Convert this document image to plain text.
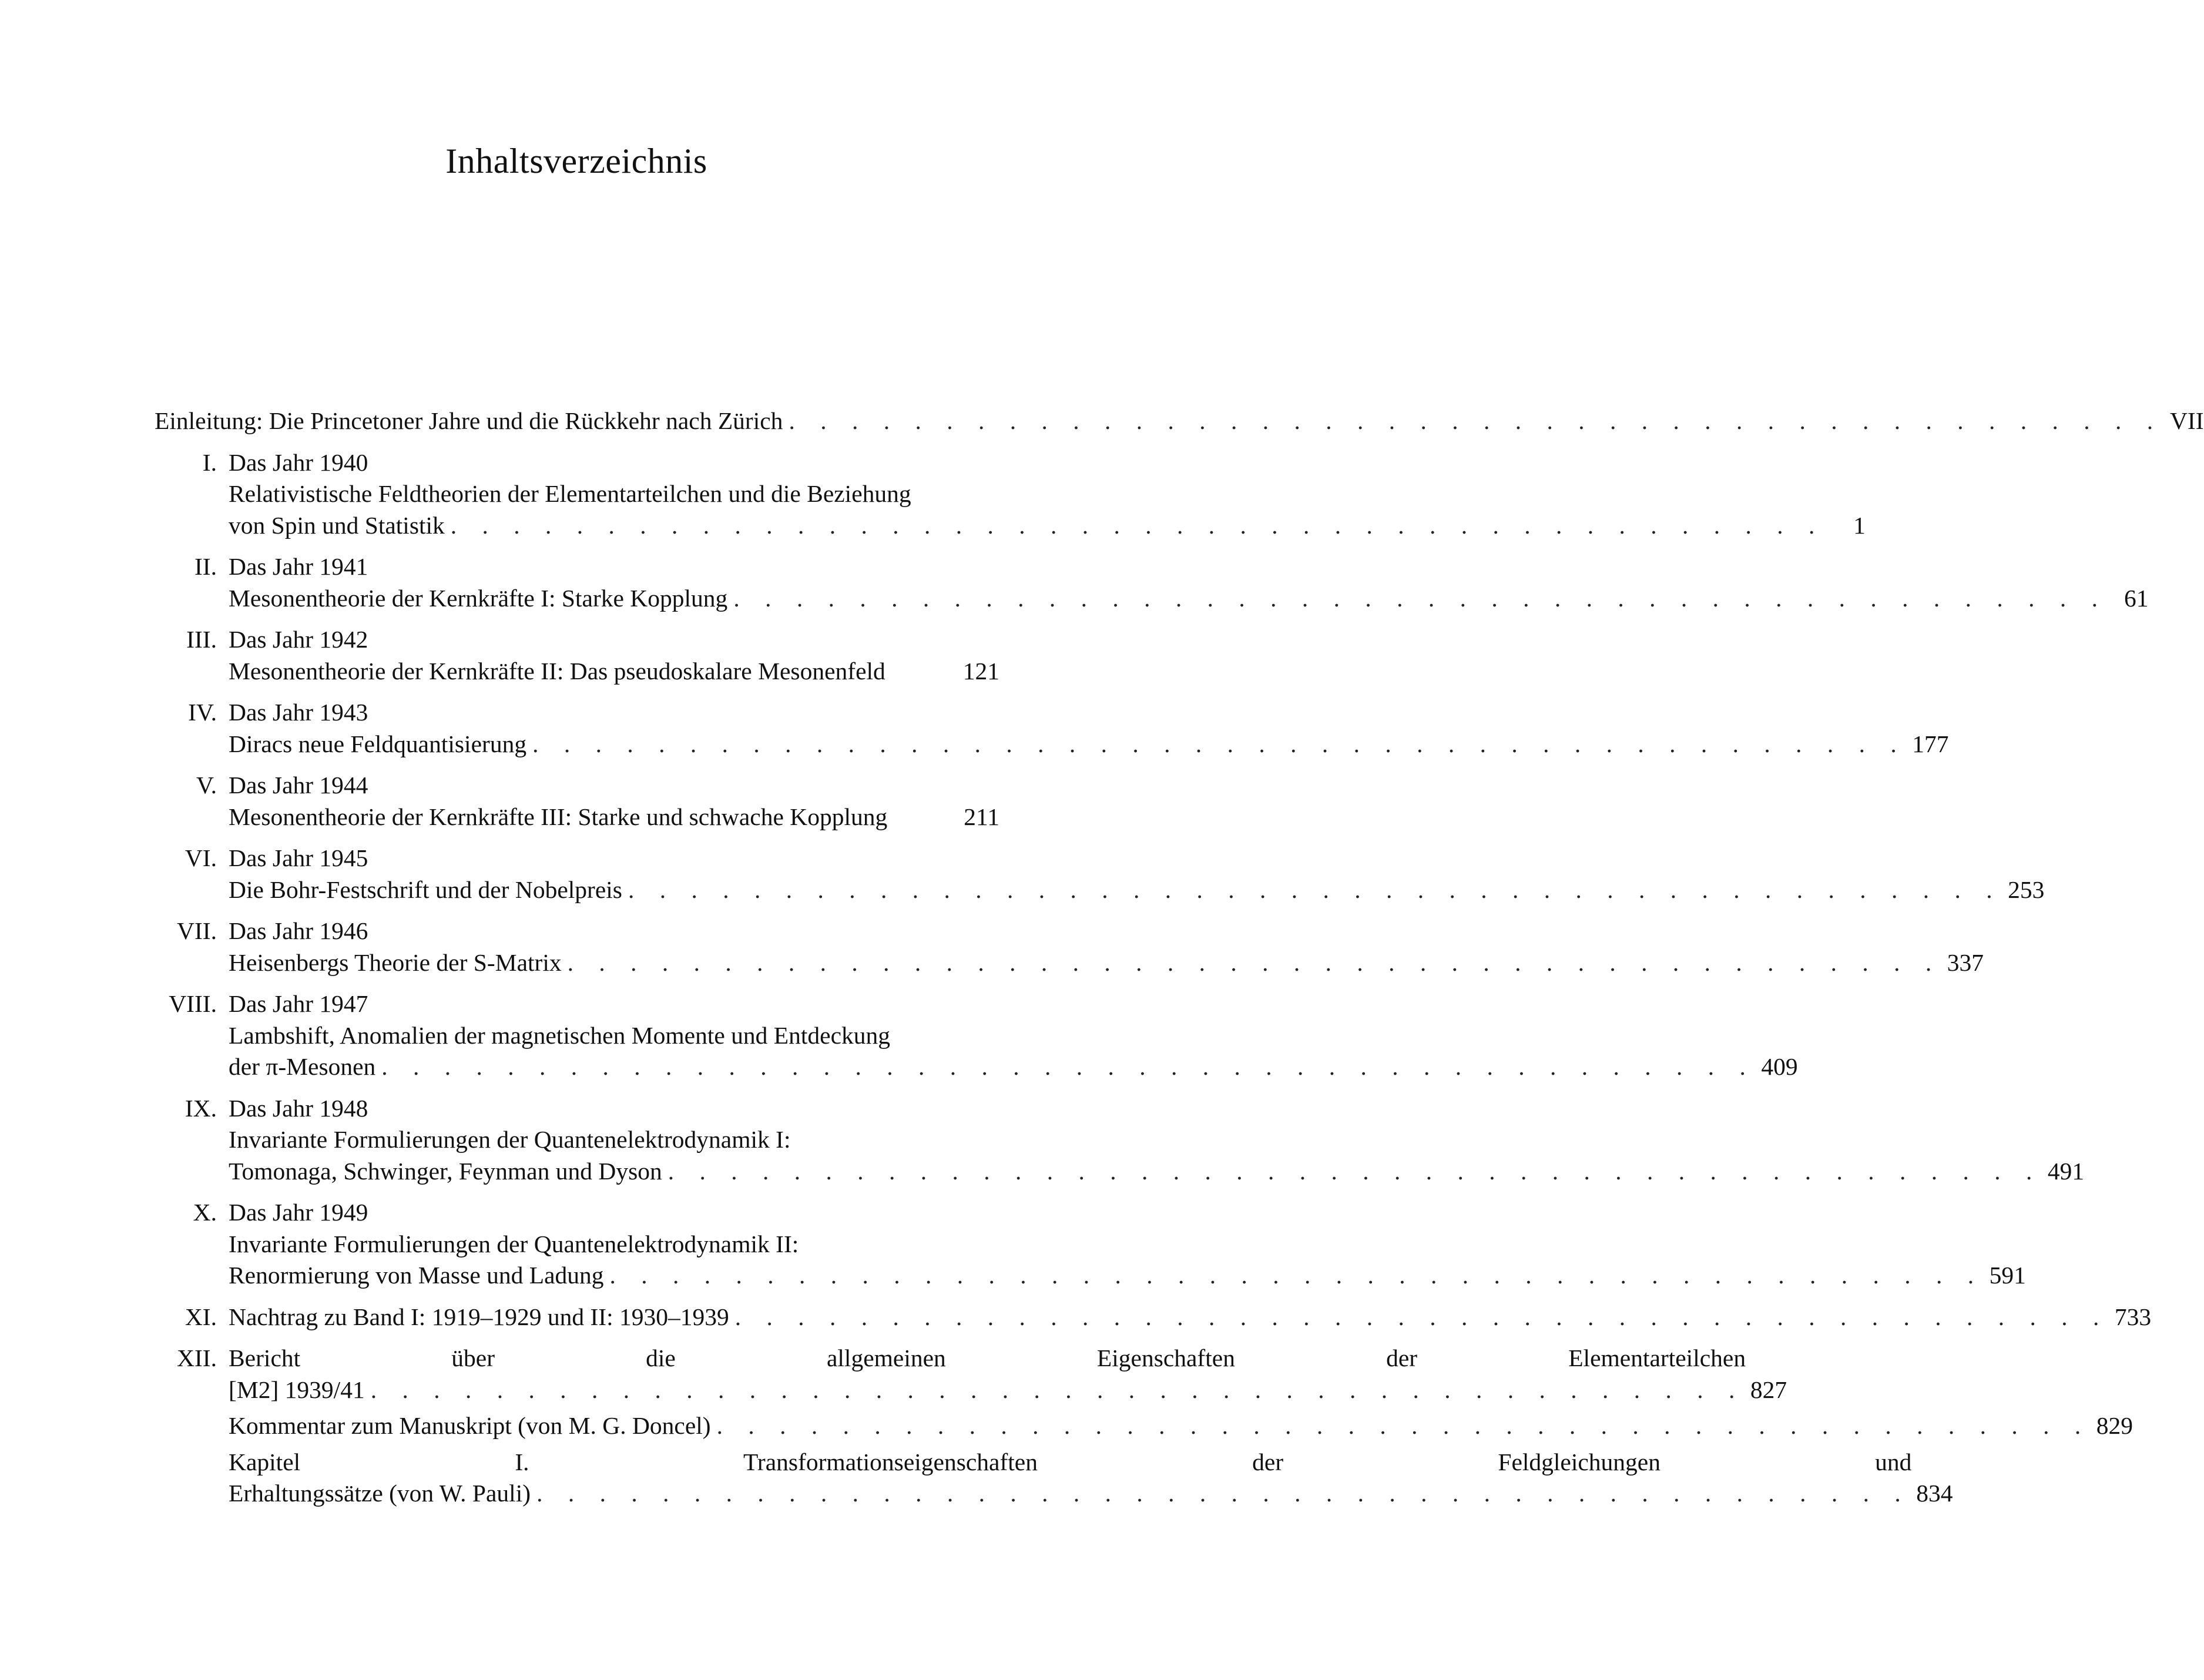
Inhaltsverzeichnis
Einleitung: Die Princetoner Jahre und die Rückkehr nach Zürich . . . . . . . . . . . . . . . . . . . . . . . . . . . . . . . . . . . . . . . . . . . . VII
I. Das Jahr 1940
Relativistische Feldtheorien der Elementarteilchen und die Beziehung
von Spin und Statistik . . . . . . . . . . . . . . . . . . . . . . . . . . . . . . . . . . . . . . . . . . . .	1
II. Das Jahr 1941
Mesonentheorie der Kernkräfte I: Starke Kopplung . . . . . . . . . . . . . . . . . . . . . . . . . . . . . . . . . . . . . . . . . . . . 61
III. Das Jahr 1942
Mesonentheorie der Kernkräfte II: Das pseudoskalare Mesonenfeld	121
IV. Das Jahr 1943
Diracs neue Feldquantisierung . . . . . . . . . . . . . . . . . . . . . . . . . . . . . . . . . . . . . . . . . . . . 177
V. Das Jahr 1944
Mesonentheorie der Kernkräfte III: Starke und schwache Kopplung	211
VI. Das Jahr 1945
Die Bohr-Festschrift und der Nobelpreis . . . . . . . . . . . . . . . . . . . . . . . . . . . . . . . . . . . . . . . . . . . . 253
VII. Das Jahr 1946
Heisenbergs Theorie der S-Matrix . . . . . . . . . . . . . . . . . . . . . . . . . . . . . . . . . . . . . . . . . . . . 337
VIII. Das Jahr 1947
Lambshift, Anomalien der magnetischen Momente und Entdeckung
der π-Mesonen . . . . . . . . . . . . . . . . . . . . . . . . . . . . . . . . . . . . . . . . . . . . 409
IX. Das Jahr 1948
Invariante Formulierungen der Quantenelektrodynamik I:
Tomonaga, Schwinger, Feynman und Dyson . . . . . . . . . . . . . . . . . . . . . . . . . . . . . . . . . . . . . . . . . . . . 491
X. Das Jahr 1949
Invariante Formulierungen der Quantenelektrodynamik II:
Renormierung von Masse und Ladung . . . . . . . . . . . . . . . . . . . . . . . . . . . . . . . . . . . . . . . . . . . . 591
XI. Nachtrag zu Band I: 1919–1929 und II: 1930–1939 . . . . . . . . . . . . . . . . . . . . . . . . . . . . . . . . . . . . . . . . . . . . 733
XII. Bericht über die allgemeinen Eigenschaften der Elementarteilchen
[M2] 1939/41 . . . . . . . . . . . . . . . . . . . . . . . . . . . . . . . . . . . . . . . . . . . . 827
Kommentar zum Manuskript (von M. G. Doncel) . . . . . . . . . . . . . . . . . . . . . . . . . . . . . . . . . . . . . . . . . . . . 829
Kapitel I. Transformationseigenschaften der Feldgleichungen und
Erhaltungssätze (von W. Pauli) . . . . . . . . . . . . . . . . . . . . . . . . . . . . . . . . . . . . . . . . . . . . 834
